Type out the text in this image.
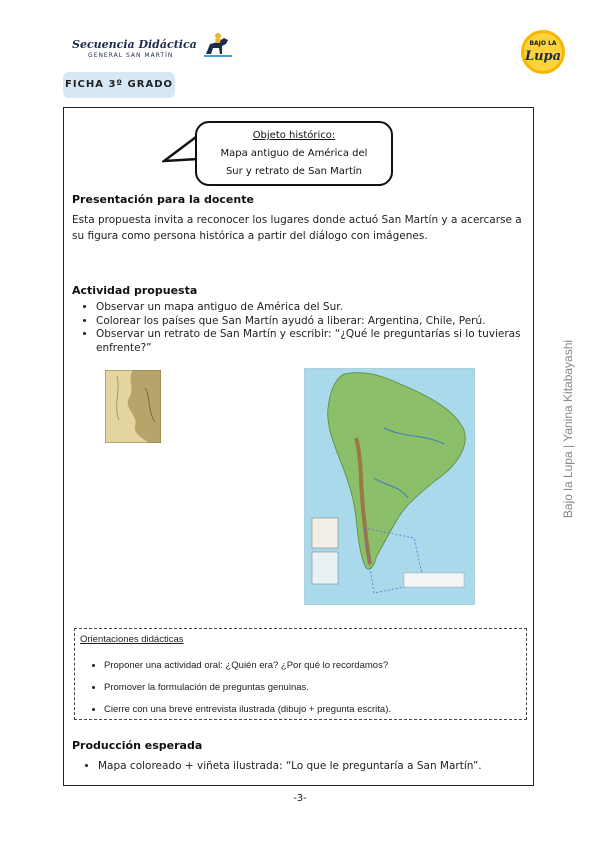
Secuencia Didáctica
GENERAL SAN MARTÍN
BAJO LA
Lupa
FICHA 3º GRADO
Objeto histórico:
Mapa antiguo de América del
Sur y retrato de San Martín
Presentación para la docente
Esta propuesta invita a reconocer los lugares donde actuó San Martín y a acercarse a su figura como persona histórica a partir del diálogo con imágenes.
Actividad propuesta
• Observar un mapa antiguo de América del Sur.
• Colorear los países que San Martín ayudó a liberar: Argentina, Chile, Perú.
• Observar un retrato de San Martín y escribir: “¿Qué le preguntarías si lo tuvieras enfrente?”
Orientaciones didácticas
• Proponer una actividad oral: ¿Quién era? ¿Por qué lo recordamos?
• Promover la formulación de preguntas genuinas.
• Cierre con una breve entrevista ilustrada (dibujo + pregunta escrita).
Producción esperada
• Mapa coloreado + viñeta ilustrada: “Lo que le preguntaría a San Martín”.
-3-
Bajo la Lupa | Yanina Kitabayashi
